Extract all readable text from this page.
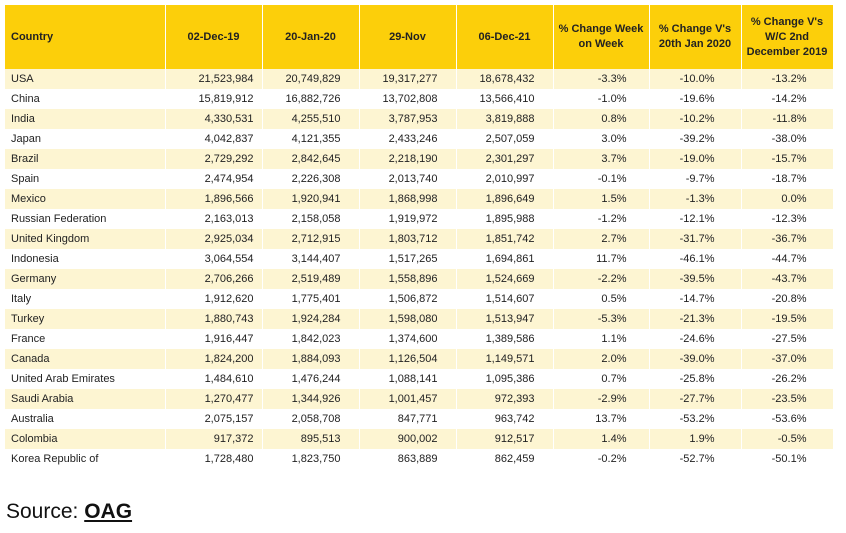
Country	02-Dec-19	20-Jan-20	29-Nov	06-Dec-21	% Change Week on Week	% Change V's 20th Jan 2020	% Change V's W/C 2nd December 2019
USA	21,523,984	20,749,829	19,317,277	18,678,432	-3.3%	-10.0%	-13.2%
China	15,819,912	16,882,726	13,702,808	13,566,410	-1.0%	-19.6%	-14.2%
India	4,330,531	4,255,510	3,787,953	3,819,888	0.8%	-10.2%	-11.8%
Japan	4,042,837	4,121,355	2,433,246	2,507,059	3.0%	-39.2%	-38.0%
Brazil	2,729,292	2,842,645	2,218,190	2,301,297	3.7%	-19.0%	-15.7%
Spain	2,474,954	2,226,308	2,013,740	2,010,997	-0.1%	-9.7%	-18.7%
Mexico	1,896,566	1,920,941	1,868,998	1,896,649	1.5%	-1.3%	0.0%
Russian Federation	2,163,013	2,158,058	1,919,972	1,895,988	-1.2%	-12.1%	-12.3%
United Kingdom	2,925,034	2,712,915	1,803,712	1,851,742	2.7%	-31.7%	-36.7%
Indonesia	3,064,554	3,144,407	1,517,265	1,694,861	11.7%	-46.1%	-44.7%
Germany	2,706,266	2,519,489	1,558,896	1,524,669	-2.2%	-39.5%	-43.7%
Italy	1,912,620	1,775,401	1,506,872	1,514,607	0.5%	-14.7%	-20.8%
Turkey	1,880,743	1,924,284	1,598,080	1,513,947	-5.3%	-21.3%	-19.5%
France	1,916,447	1,842,023	1,374,600	1,389,586	1.1%	-24.6%	-27.5%
Canada	1,824,200	1,884,093	1,126,504	1,149,571	2.0%	-39.0%	-37.0%
United Arab Emirates	1,484,610	1,476,244	1,088,141	1,095,386	0.7%	-25.8%	-26.2%
Saudi Arabia	1,270,477	1,344,926	1,001,457	972,393	-2.9%	-27.7%	-23.5%
Australia	2,075,157	2,058,708	847,771	963,742	13.7%	-53.2%	-53.6%
Colombia	917,372	895,513	900,002	912,517	1.4%	1.9%	-0.5%
Korea Republic of	1,728,480	1,823,750	863,889	862,459	-0.2%	-52.7%	-50.1%
Source: OAG
